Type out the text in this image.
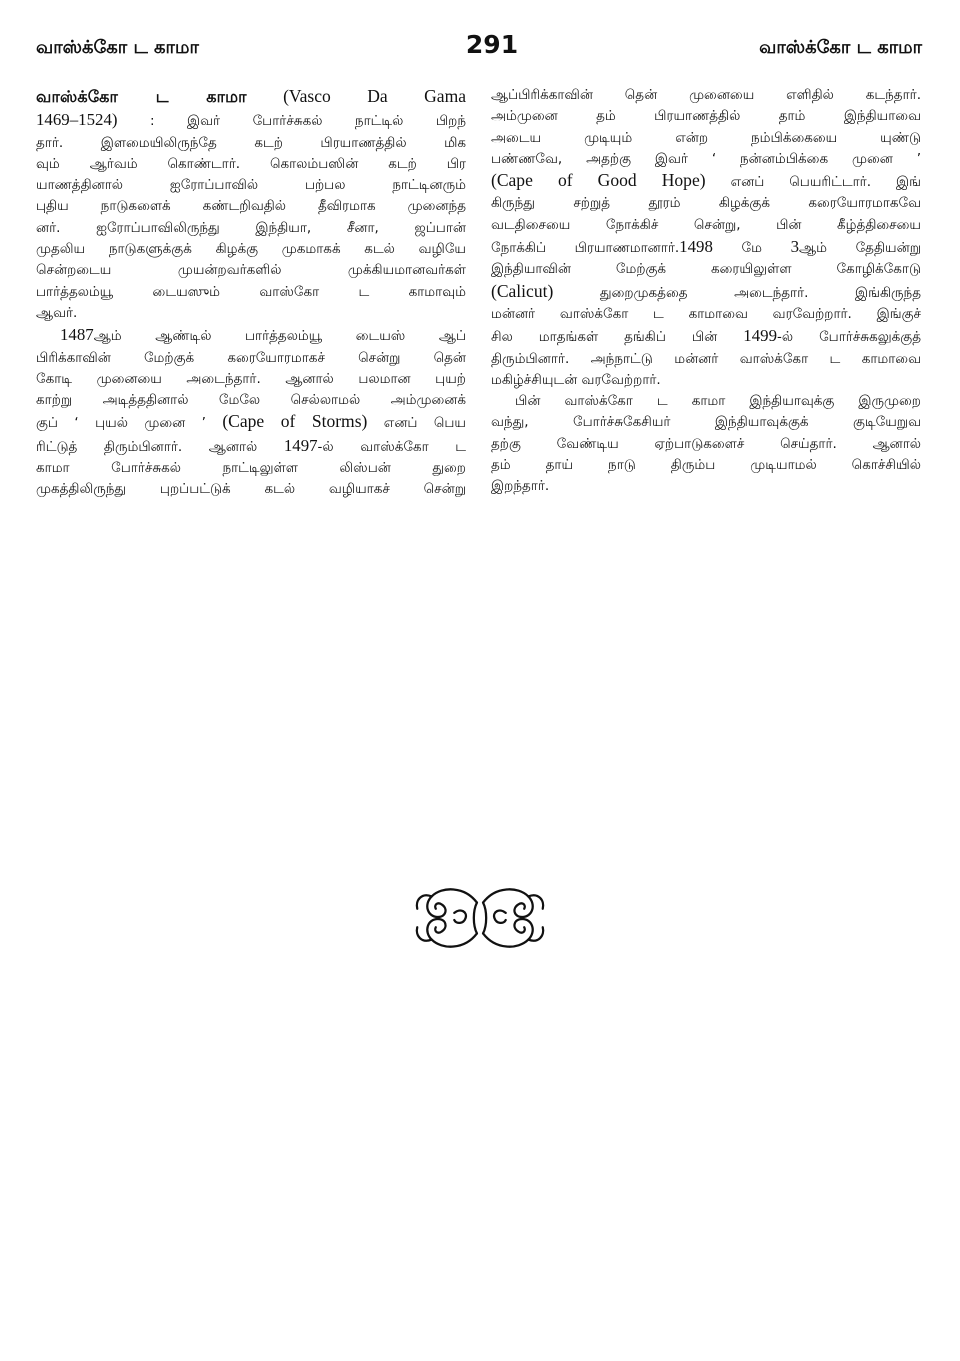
வாஸ்க்கோ ட காமா	291	வாஸ்க்கோ ட காமா
வாஸ்க்கோ ட காமா (Vasco Da Gama
1469–1524) : இவர் போர்ச்சுகல் நாட்டில் பிறந்
தார். இளமையிலிருந்தே கடற் பிரயாணத்தில் மிக
வும் ஆர்வம் கொண்டார். கொலம்பஸின் கடற் பிர
யாணத்தினால் ஐரோப்பாவில் பற்பல நாட்டினரும்
புதிய நாடுகளைக் கண்டறிவதில் தீவிரமாக முனைந்த
னர். ஐரோப்பாவிலிருந்து இந்தியா, சீனா, ஜப்பான்
முதலிய நாடுகளுக்குக் கிழக்கு முகமாகக் கடல் வழியே
சென்றடைய முயன்றவர்களில் முக்கியமானவர்கள்
பார்த்தலம்யூ டையஸும் வாஸ்கோ ட காமாவும்
ஆவர்.
1487ஆம் ஆண்டில் பார்த்தலம்யூ டையஸ் ஆப்
பிரிக்காவின் மேற்குக் கரையோரமாகச் சென்று தென்
கோடி முனையை அடைந்தார். ஆனால் பலமான புயற்
காற்று அடித்ததினால் மேலே செல்லாமல் அம்முனைக்
குப் ‘ புயல் முனை ’ (Cape of Storms) எனப் பெய
ரிட்டுத் திரும்பினார். ஆனால் 1497-ல் வாஸ்க்கோ ட
காமா போர்ச்சுகல் நாட்டிலுள்ள லிஸ்பன் துறை
முகத்திலிருந்து புறப்பட்டுக் கடல் வழியாகச் சென்று
ஆப்பிரிக்காவின் தென் முனையை எளிதில் கடந்தார்.
அம்முனை தம் பிரயாணத்தில் தாம் இந்தியாவை
அடைய முடியும் என்ற நம்பிக்கையை யுண்டு
பண்ணவே, அதற்கு இவர் ‘ நன்னம்பிக்கை முனை ’
(Cape of Good Hope) எனப் பெயரிட்டார். இங்
கிருந்து சற்றுத் தூரம் கிழக்குக் கரையோரமாகவே
வடதிசையை நோக்கிச் சென்று, பின் கீழ்த்திசையை
நோக்கிப் பிரயாணமானார்.1498 மே 3ஆம் தேதியன்று
இந்தியாவின் மேற்குக் கரையிலுள்ள கோழிக்கோடு
(Calicut) துறைமுகத்தை அடைந்தார். இங்கிருந்த
மன்னர் வாஸ்க்கோ ட காமாவை வரவேற்றார். இங்குச்
சில மாதங்கள் தங்கிப் பின் 1499-ல் போர்ச்சுகலுக்குத்
திரும்பினார். அந்நாட்டு மன்னர் வாஸ்க்கோ ட காமாவை
மகிழ்ச்சியுடன் வரவேற்றார்.
பின் வாஸ்க்கோ ட காமா இந்தியாவுக்கு இருமுறை
வந்து, போர்ச்சுகேசியர் இந்தியாவுக்குக் குடியேறுவ
தற்கு வேண்டிய ஏற்பாடுகளைச் செய்தார். ஆனால்
தம் தாய் நாடு திரும்ப முடியாமல் கொச்சியில்
இறந்தார்.
